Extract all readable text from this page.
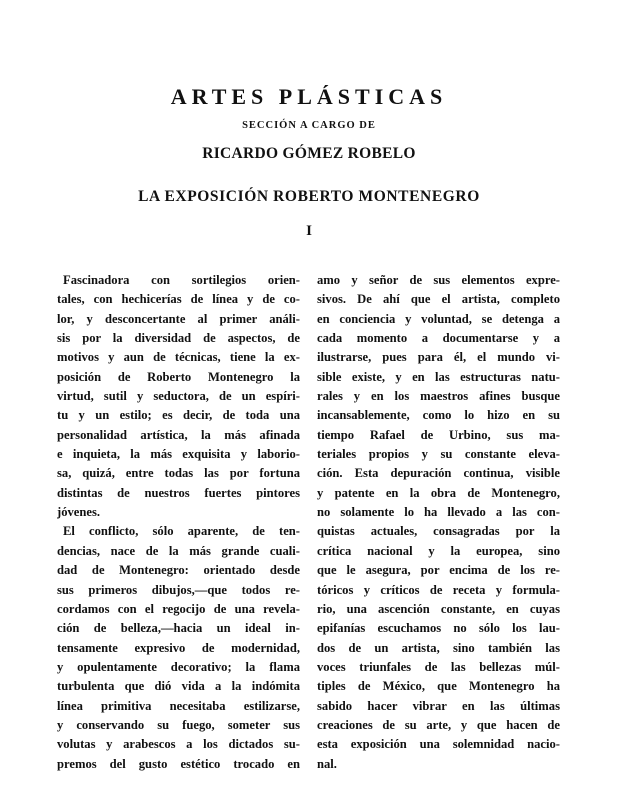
ARTES PLÁSTICAS

SECCIÓN A CARGO DE

RICARDO GÓMEZ ROBELO

LA EXPOSICIÓN ROBERTO MONTENEGRO

I

Fascinadora con sortilegios orien-
tales, con hechicerías de línea y de co-
lor, y desconcertante al primer análi-
sis por la diversidad de aspectos, de
motivos y aun de técnicas, tiene la ex-
posición de Roberto Montenegro la
virtud, sutil y seductora, de un espíri-
tu y un estilo; es decir, de toda una
personalidad artística, la más afinada
e inquieta, la más exquisita y laborio-
sa, quizá, entre todas las por fortuna
distintas de nuestros fuertes pintores
jóvenes.
El conflicto, sólo aparente, de ten-
dencias, nace de la más grande cuali-
dad de Montenegro: orientado desde
sus primeros dibujos,—que todos re-
cordamos con el regocijo de una revela-
ción de belleza,—hacia un ideal in-
tensamente expresivo de modernidad,
y opulentamente decorativo; la flama
turbulenta que dió vida a la indómita
línea primitiva necesitaba estilizarse,
y conservando su fuego, someter sus
volutas y arabescos a los dictados su-
premos del gusto estético trocado en
amo y señor de sus elementos expre-
sivos. De ahí que el artista, completo
en conciencia y voluntad, se detenga a
cada momento a documentarse y a
ilustrarse, pues para él, el mundo vi-
sible existe, y en las estructuras natu-
rales y en los maestros afines busque
incansablemente, como lo hizo en su
tiempo Rafael de Urbino, sus ma-
teriales propios y su constante eleva-
ción. Esta depuración continua, visible
y patente en la obra de Montenegro,
no solamente lo ha llevado a las con-
quistas actuales, consagradas por la
crítica nacional y la europea, sino
que le asegura, por encima de los re-
tóricos y críticos de receta y formula-
rio, una ascención constante, en cuyas
epifanías escuchamos no sólo los lau-
dos de un artista, sino también las
voces triunfales de las bellezas múl-
tiples de México, que Montenegro ha
sabido hacer vibrar en las últimas
creaciones de su arte, y que hacen de
esta exposición una solemnidad nacio-
nal.
